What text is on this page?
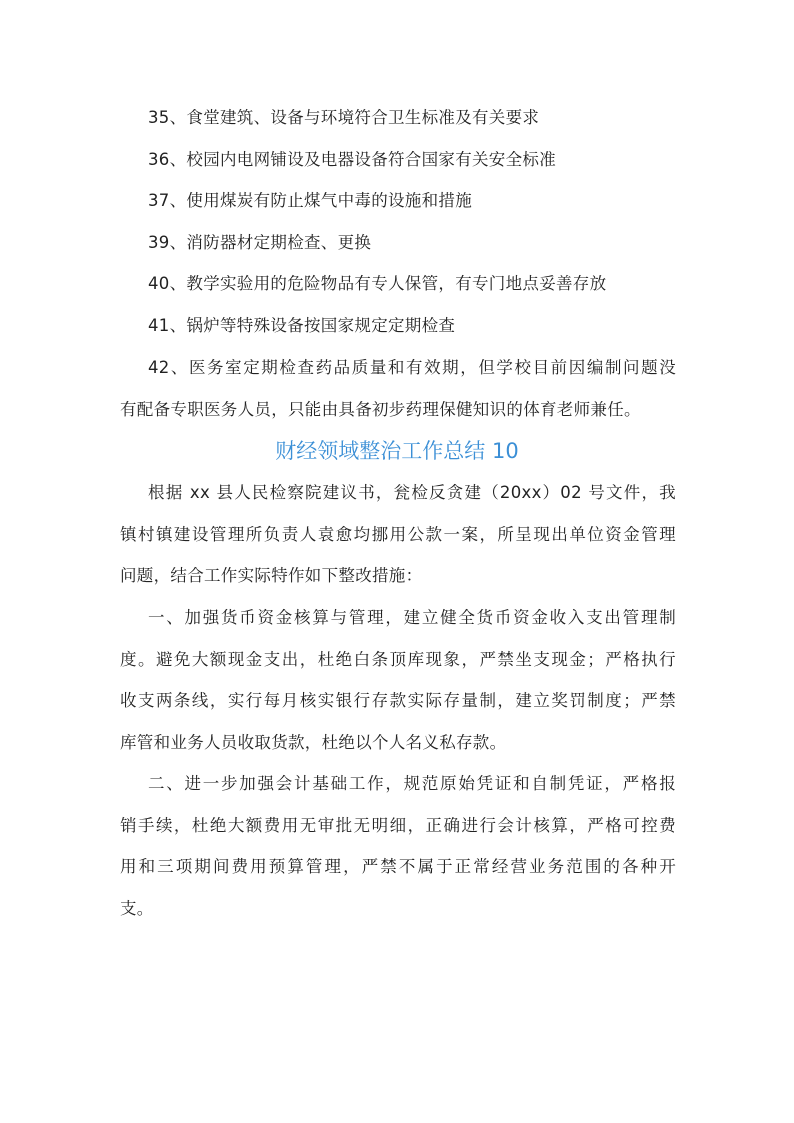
35、食堂建筑、设备与环境符合卫生标准及有关要求
36、校园内电网铺设及电器设备符合国家有关安全标准
37、使用煤炭有防止煤气中毒的设施和措施
39、消防器材定期检查、更换
40、教学实验用的危险物品有专人保管，有专门地点妥善存放
41、锅炉等特殊设备按国家规定定期检查
42、医务室定期检查药品质量和有效期，但学校目前因编制问题没
有配备专职医务人员，只能由具备初步药理保健知识的体育老师兼任。
财经领域整治工作总结 10
根据 xx 县人民检察院建议书，瓮检反贪建（20xx）02 号文件，我
镇村镇建设管理所负责人袁愈均挪用公款一案，所呈现出单位资金管理
问题，结合工作实际特作如下整改措施：
一、加强货币资金核算与管理，建立健全货币资金收入支出管理制
度。避免大额现金支出，杜绝白条顶库现象，严禁坐支现金；严格执行
收支两条线，实行每月核实银行存款实际存量制，建立奖罚制度；严禁
库管和业务人员收取货款，杜绝以个人名义私存款。
二、进一步加强会计基础工作，规范原始凭证和自制凭证，严格报
销手续，杜绝大额费用无审批无明细，正确进行会计核算，严格可控费
用和三项期间费用预算管理，严禁不属于正常经营业务范围的各种开
支。
